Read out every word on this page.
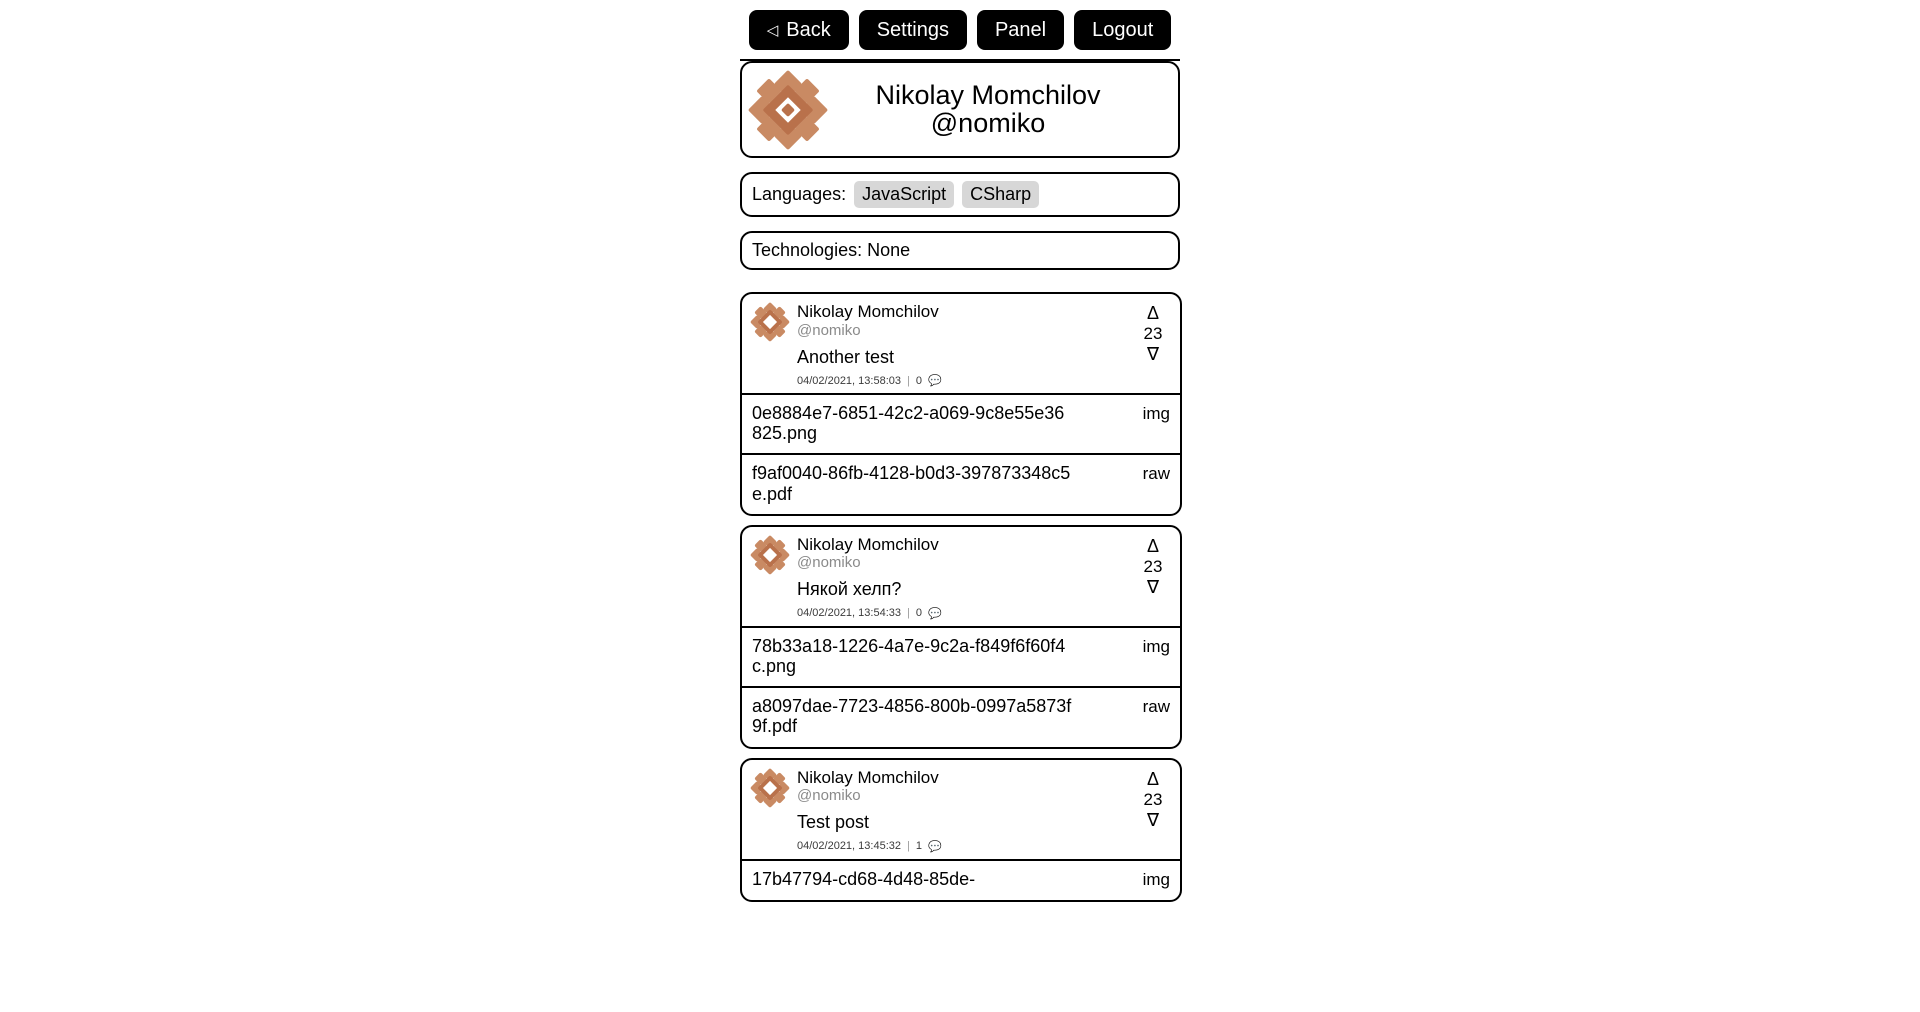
◁ Back Settings Panel Logout
Nikolay Momchilov
@nomiko
Languages: JavaScript	CSharp
Technologies: None
Nikolay Momchilov
@nomiko
Another test
04/02/2021, 13:58:03 | 0 💬
Δ
23
∇
0e8884e7-6851-42c2-a069-9c8e55e36825.png
img
f9af0040-86fb-4128-b0d3-397873348c5e.pdf
raw
Nikolay Momchilov
@nomiko
Някой хелп?
04/02/2021, 13:54:33 | 0 💬
Δ
23
∇
78b33a18-1226-4a7e-9c2a-f849f6f60f4c.png
img
a8097dae-7723-4856-800b-0997a5873f9f.pdf
raw
Nikolay Momchilov
@nomiko
Test post
04/02/2021, 13:45:32 | 1 💬
Δ
23
∇
17b47794-cd68-4d48-85de-	img
